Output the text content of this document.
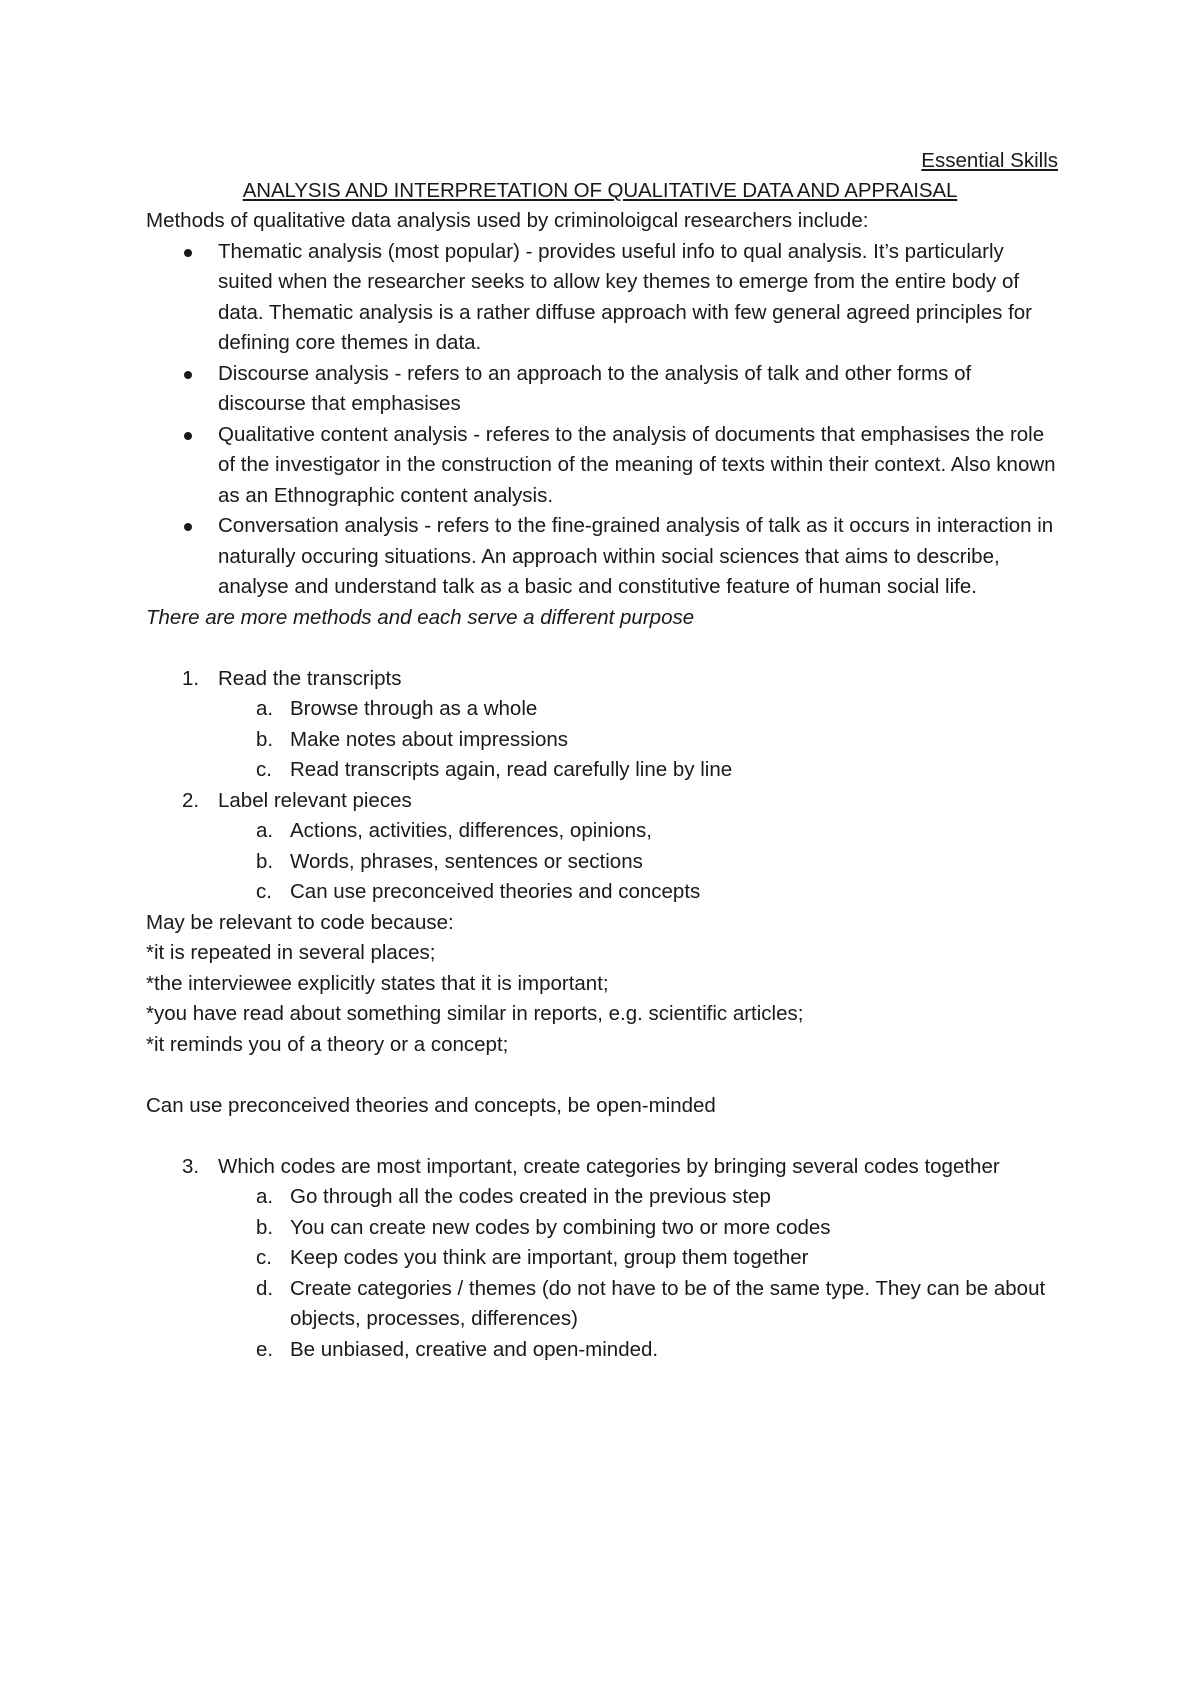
Essential Skills
ANALYSIS AND INTERPRETATION OF QUALITATIVE DATA AND APPRAISAL
Methods of qualitative data analysis used by criminoloigcal researchers include:
Thematic analysis (most popular) - provides useful info to qual analysis. It’s particularly suited when the researcher seeks to allow key themes to emerge from the entire body of data. Thematic analysis is a rather diffuse approach with few general agreed principles for defining core themes in data.
Discourse analysis - refers to an approach to the analysis of talk and other forms of discourse that emphasises
Qualitative content analysis - referes to the analysis of documents that emphasises the role of the investigator in the construction of the meaning of texts within their context. Also known as an Ethnographic content analysis.
Conversation analysis - refers to the fine-grained analysis of talk as it occurs in interaction in naturally occuring situations. An approach within social sciences that aims to describe, analyse and understand talk as a basic and constitutive feature of human social life.
There are more methods and each serve a different purpose
1. Read the transcripts
a. Browse through as a whole
b. Make notes about impressions
c. Read transcripts again, read carefully line by line
2. Label relevant pieces
a. Actions, activities, differences, opinions,
b. Words, phrases, sentences or sections
c. Can use preconceived theories and concepts
May be relevant to code because:
*it is repeated in several places;
*the interviewee explicitly states that it is important;
*you have read about something similar in reports, e.g. scientific articles;
*it reminds you of a theory or a concept;
Can use preconceived theories and concepts, be open-minded
3. Which codes are most important, create categories by bringing several codes together
a. Go through all the codes created in the previous step
b. You can create new codes by combining two or more codes
c. Keep codes you think are important, group them together
d. Create categories / themes (do not have to be of the same type. They can be about objects, processes, differences)
e. Be unbiased, creative and open-minded.
